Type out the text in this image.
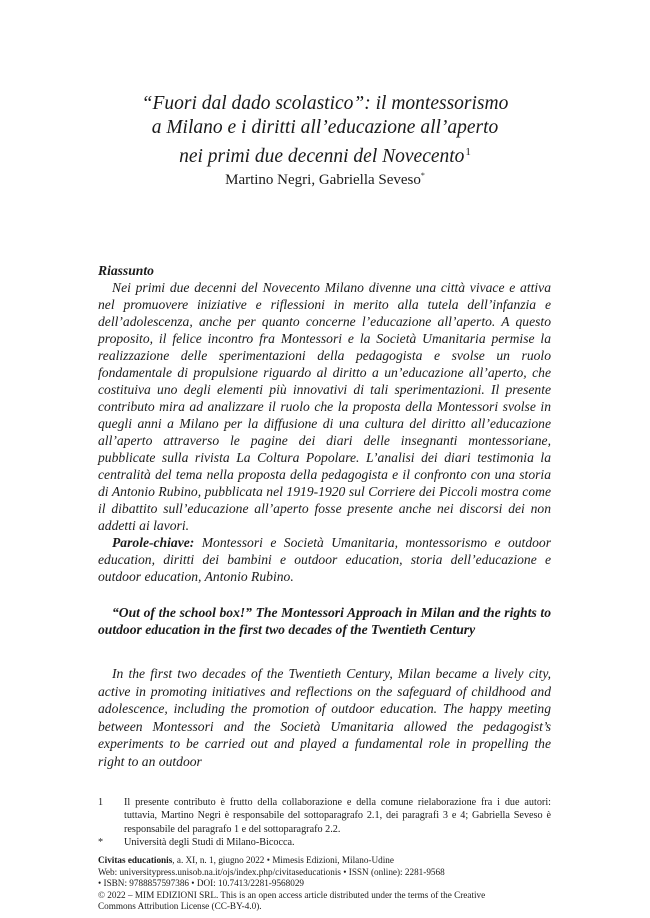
“Fuori dal dado scolastico”: il montessorismo
a Milano e i diritti all’educazione all’aperto
nei primi due decenni del Novecento$^1$
Martino Negri, Gabriella Seveso*
Riassunto

Nei primi due decenni del Novecento Milano divenne una città vivace e attiva nel promuovere iniziative e riflessioni in merito alla tutela dell’infanzia e dell’adolescenza, anche per quanto concerne l’educazione all’aperto. A questo proposito, il felice incontro fra Montessori e la Società Umanitaria permise la realizzazione delle sperimentazioni della pedagogista e svolse un ruolo fondamentale di propulsione riguardo al diritto a un’educazione all’aperto, che costituiva uno degli elementi più innovativi di tali sperimentazioni. Il presente contributo mira ad analizzare il ruolo che la proposta della Montessori svolse in quegli anni a Milano per la diffusione di una cultura del diritto all’educazione all’aperto attraverso le pagine dei diari delle insegnanti montessoriane, pubblicate sulla rivista La Coltura Popolare. L’analisi dei diari testimonia la centralità del tema nella proposta della pedagogista e il confronto con una storia di Antonio Rubino, pubblicata nel 1919-1920 sul Corriere dei Piccoli mostra come il dibattito sull’educazione all’aperto fosse presente anche nei discorsi dei non addetti ai lavori.

Parole-chiave: Montessori e Società Umanitaria, montessorismo e outdoor education, diritti dei bambini e outdoor education, storia dell’educazione e outdoor education, Antonio Rubino.

“Out of the school box!” The Montessori Approach in Milan and the rights to outdoor education in the first two decades of the Twentieth Century

In the first two decades of the Twentieth Century, Milan became a lively city, active in promoting initiatives and reflections on the safeguard of childhood and adolescence, including the promotion of outdoor education. The happy meeting between Montessori and the Società Umanitaria allowed the pedagogist’s experiments to be carried out and played a fundamental role in propelling the right to an outdoor

1 Il presente contributo è frutto della collaborazione e della comune rielaborazione fra i due autori: tuttavia, Martino Negri è responsabile del sottoparagrafo 2.1, dei paragrafi 3 e 4; Gabriella Seveso è responsabile del paragrafo 1 e del sottoparagrafo 2.2.
* Università degli Studi di Milano-Bicocca.
Civitas educationis, a. XI, n. 1, giugno 2022 • Mimesis Edizioni, Milano-Udine
Web: universitypress.unisob.na.it/ojs/index.php/civitaseducationis • ISSN (online): 2281-9568
• ISBN: 9788857597386 • DOI: 10.7413/2281-9568029
© 2022 – MIM EDIZIONI SRL. This is an open access article distributed under the terms of the Creative
Commons Attribution License (CC-BY-4.0).
